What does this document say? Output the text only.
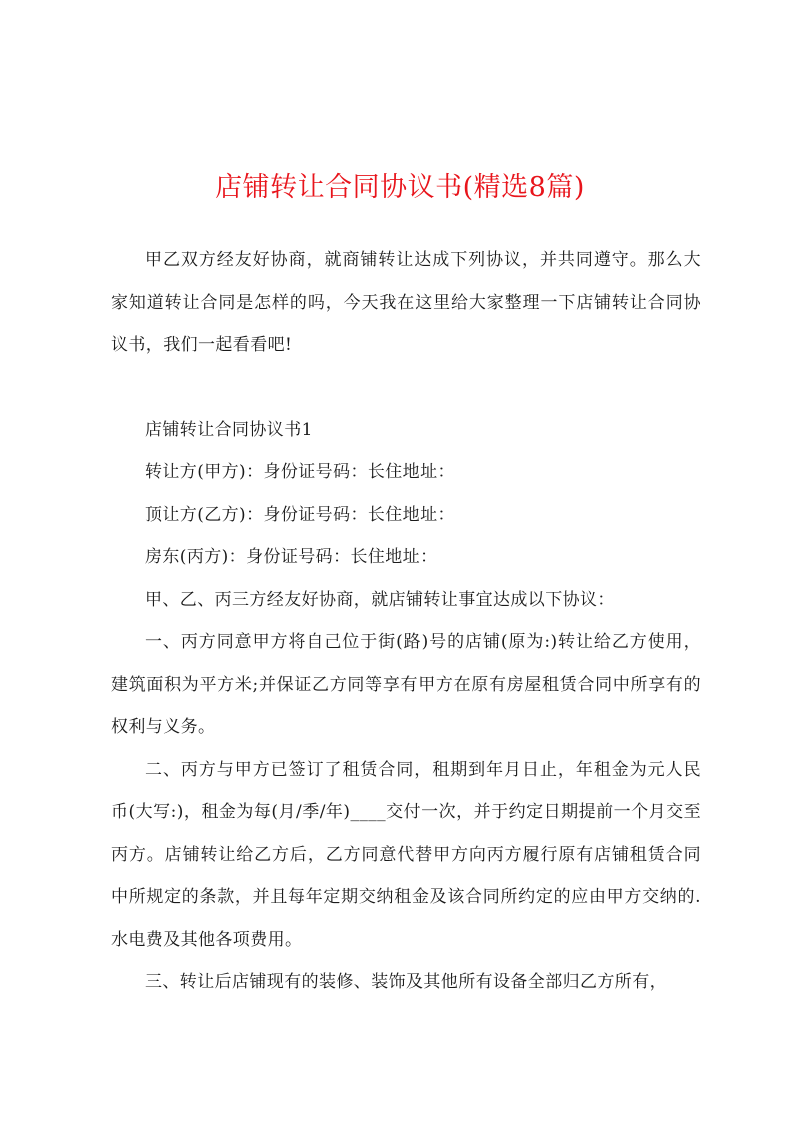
店铺转让合同协议书(精选8篇)

甲乙双方经友好协商，就商铺转让达成下列协议，并共同遵守。那么大家知道转让合同是怎样的吗，今天我在这里给大家整理一下店铺转让合同协议书，我们一起看看吧!

店铺转让合同协议书1

转让方(甲方)：身份证号码：长住地址：

顶让方(乙方)：身份证号码：长住地址：

房东(丙方)：身份证号码：长住地址：

甲、乙、丙三方经友好协商，就店铺转让事宜达成以下协议：

一、丙方同意甲方将自己位于街(路)号的店铺(原为:)转让给乙方使用，建筑面积为平方米;并保证乙方同等享有甲方在原有房屋租赁合同中所享有的权利与义务。

二、丙方与甲方已签订了租赁合同，租期到年月日止，年租金为元人民币(大写:)，租金为每(月/季/年)____交付一次，并于约定日期提前一个月交至丙方。店铺转让给乙方后，乙方同意代替甲方向丙方履行原有店铺租赁合同中所规定的条款，并且每年定期交纳租金及该合同所约定的应由甲方交纳的.水电费及其他各项费用。

三、转让后店铺现有的装修、装饰及其他所有设备全部归乙方所有，
